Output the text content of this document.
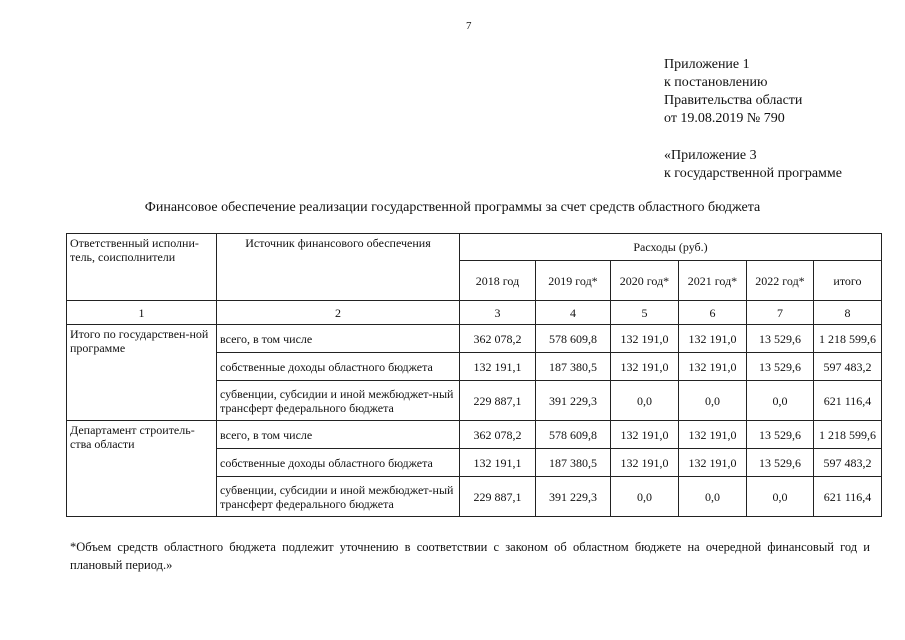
7
Приложение 1
к постановлению
Правительства области
от 19.08.2019 № 790
«Приложение 3
к государственной программе
Финансовое обеспечение реализации государственной программы за счет средств областного бюджета
Ответственный исполни-тель, соисполнители	Источник финансового обеспечения	Расходы (руб.)					
		2018 год	2019 год*	2020 год*	2021 год*	2022 год*	итого
1	2	3	4	5	6	7	8
Итого по государствен-ной программе	всего, в том числе	362 078,2	578 609,8	132 191,0	132 191,0	13 529,6	1 218 599,6
	собственные доходы областного бюджета	132 191,1	187 380,5	132 191,0	132 191,0	13 529,6	597 483,2
	субвенции, субсидии и иной межбюджет-ный трансферт федерального бюджета	229 887,1	391 229,3	0,0	0,0	0,0	621 116,4
Департамент строитель-ства области	всего, в том числе	362 078,2	578 609,8	132 191,0	132 191,0	13 529,6	1 218 599,6
	собственные доходы областного бюджета	132 191,1	187 380,5	132 191,0	132 191,0	13 529,6	597 483,2
	субвенции, субсидии и иной межбюджет-ный трансферт федерального бюджета	229 887,1	391 229,3	0,0	0,0	0,0	621 116,4
*Объем средств областного бюджета подлежит уточнению в соответствии с законом об областном бюджете на очередной финансовый год и плановый период.»
